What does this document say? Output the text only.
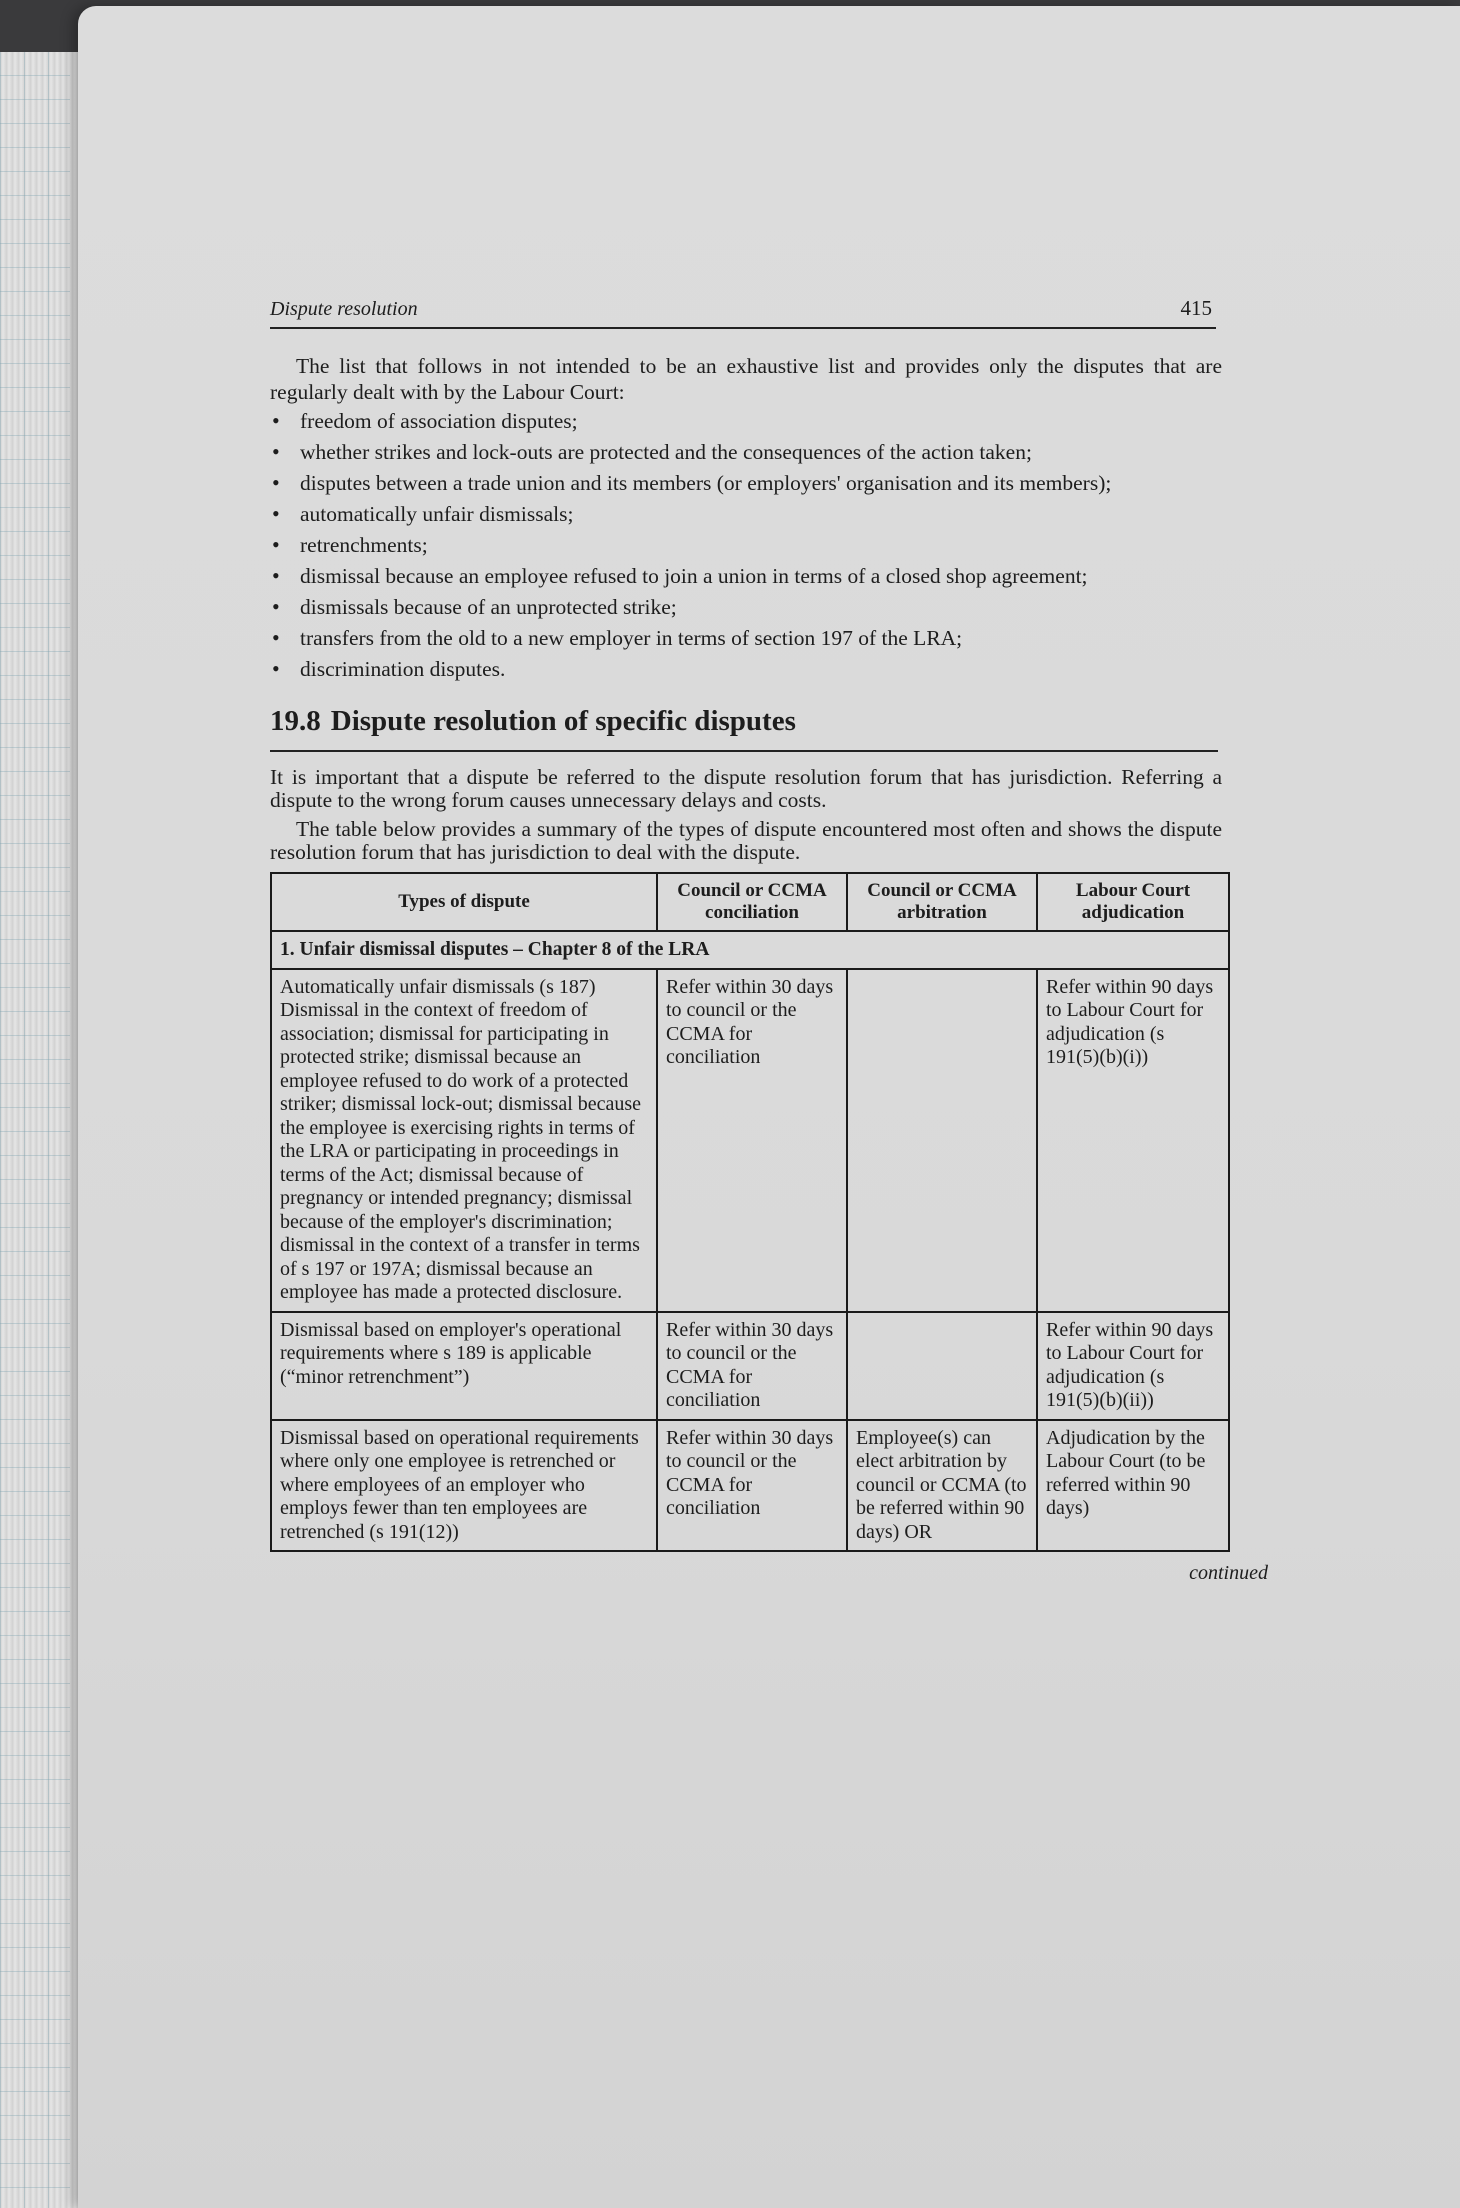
Dispute resolution	415

The list that follows in not intended to be an exhaustive list and provides only the disputes that are regularly dealt with by the Labour Court:

• freedom of association disputes;
• whether strikes and lock-outs are protected and the consequences of the action taken;
• disputes between a trade union and its members (or employers' organisation and its members);
• automatically unfair dismissals;
• retrenchments;
• dismissal because an employee refused to join a union in terms of a closed shop agreement;
• dismissals because of an unprotected strike;
• transfers from the old to a new employer in terms of section 197 of the LRA;
• discrimination disputes.
19.8 Dispute resolution of specific disputes

It is important that a dispute be referred to the dispute resolution forum that has jurisdiction. Referring a dispute to the wrong forum causes unnecessary delays and costs.

The table below provides a summary of the types of dispute encountered most often and shows the dispute resolution forum that has jurisdiction to deal with the dispute.

Types of dispute	Council or CCMA conciliation	Council or CCMA arbitration	Labour Court adjudication
1. Unfair dismissal disputes – Chapter 8 of the LRA			

Automatically unfair dismissals (s 187)
Dismissal in the context of freedom of association; dismissal for participating in protected strike; dismissal because an employee refused to do work of a protected striker; dismissal lock-out; dismissal because the employee is exercising rights in terms of the LRA or participating in proceedings in terms of the Act; dismissal because of pregnancy or intended pregnancy; dismissal because of the employer's discrimination; dismissal in the context of a transfer in terms of s 197 or 197A; dismissal because an employee has made a protected disclosure.	Refer within 30 days to council or the CCMA for conciliation		Refer within 90 days to Labour Court for adjudication (s 191(5)(b)(i))
Dismissal based on employer's operational requirements where s 189 is applicable (“minor retrenchment”)	Refer within 30 days to council or the CCMA for conciliation		Refer within 90 days to Labour Court for adjudication (s 191(5)(b)(ii))
Dismissal based on operational requirements where only one employee is retrenched or where employees of an employer who employs fewer than ten employees are retrenched (s 191(12))	Refer within 30 days to council or the CCMA for conciliation	Employee(s) can elect arbitration by council or CCMA (to be referred within 90 days) OR	Adjudication by the Labour Court (to be referred within 90 days)
continued
